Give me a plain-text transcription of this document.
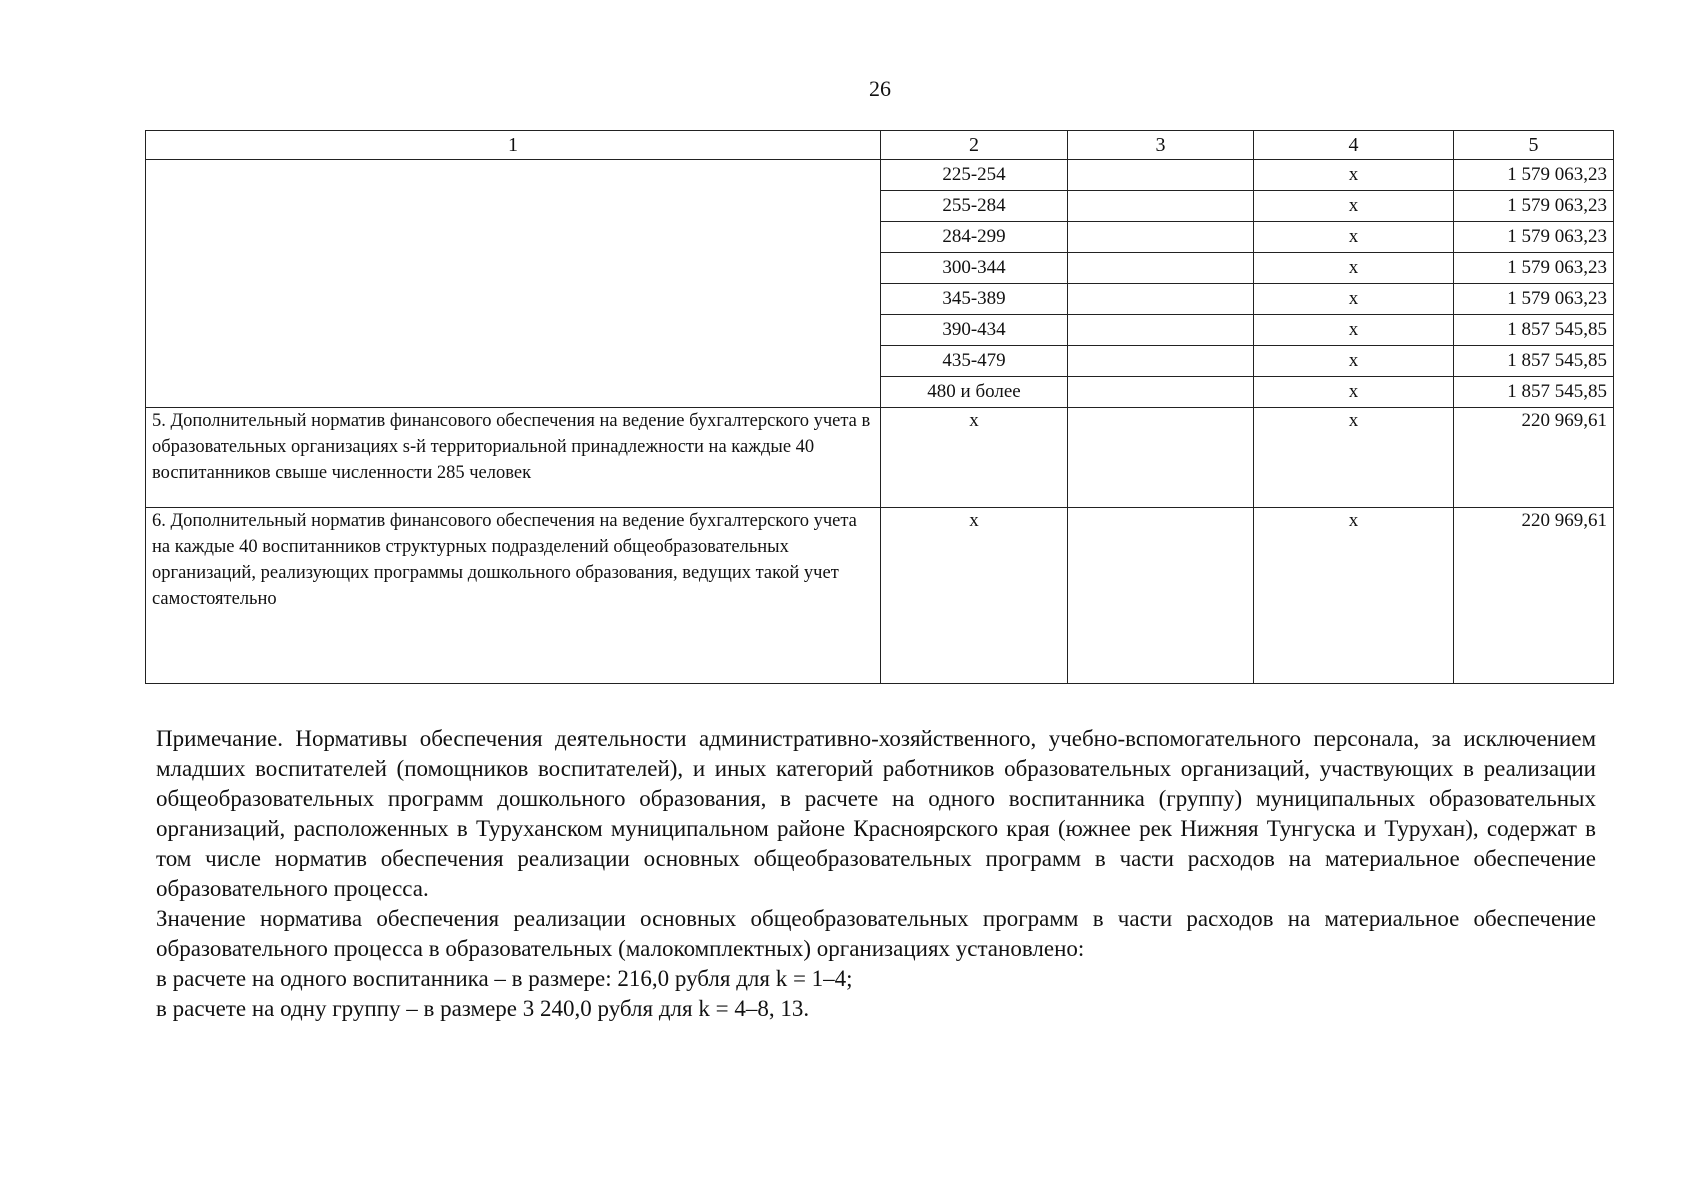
26
1	2	3	4	5
	225-254		х	1 579 063,23
	255-284		х	1 579 063,23
	284-299		х	1 579 063,23
	300-344		х	1 579 063,23
	345-389		х	1 579 063,23
	390-434		х	1 857 545,85
	435-479		х	1 857 545,85
	480 и более		х	1 857 545,85
5. Дополнительный норматив финансового обеспечения на ведение бухгалтерского учета в образовательных организациях s-й территориальной принадлежности на каждые 40 воспитанников свыше численности 285 человек	х		х	220 969,61
6. Дополнительный норматив финансового обеспечения на ведение бухгалтерского учета на каждые 40 воспитанников структурных подразделений общеобразовательных организаций, реализующих программы дошкольного образования, ведущих такой учет самостоятельно	х		х	220 969,61

Примечание. Нормативы обеспечения деятельности административно-хозяйственного, учебно-вспомогательного персонала, за исключением младших воспитателей (помощников воспитателей), и иных категорий работников образовательных организаций, участвующих в реализации общеобразовательных программ дошкольного образования, в расчете на одного воспитанника (группу) муниципальных образовательных организаций, расположенных в Туруханском муниципальном районе Красноярского края (южнее рек Нижняя Тунгуска и Турухан), содержат в том числе норматив обеспечения реализации основных общеобразовательных программ в части расходов на материальное обеспечение образовательного процесса.

Значение норматива обеспечения реализации основных общеобразовательных программ в части расходов на материальное обеспечение образовательного процесса в образовательных (малокомплектных) организациях установлено:

в расчете на одного воспитанника – в размере: 216,0 рубля для k = 1–4;

в расчете на одну группу – в размере 3 240,0 рубля для k = 4–8, 13.
